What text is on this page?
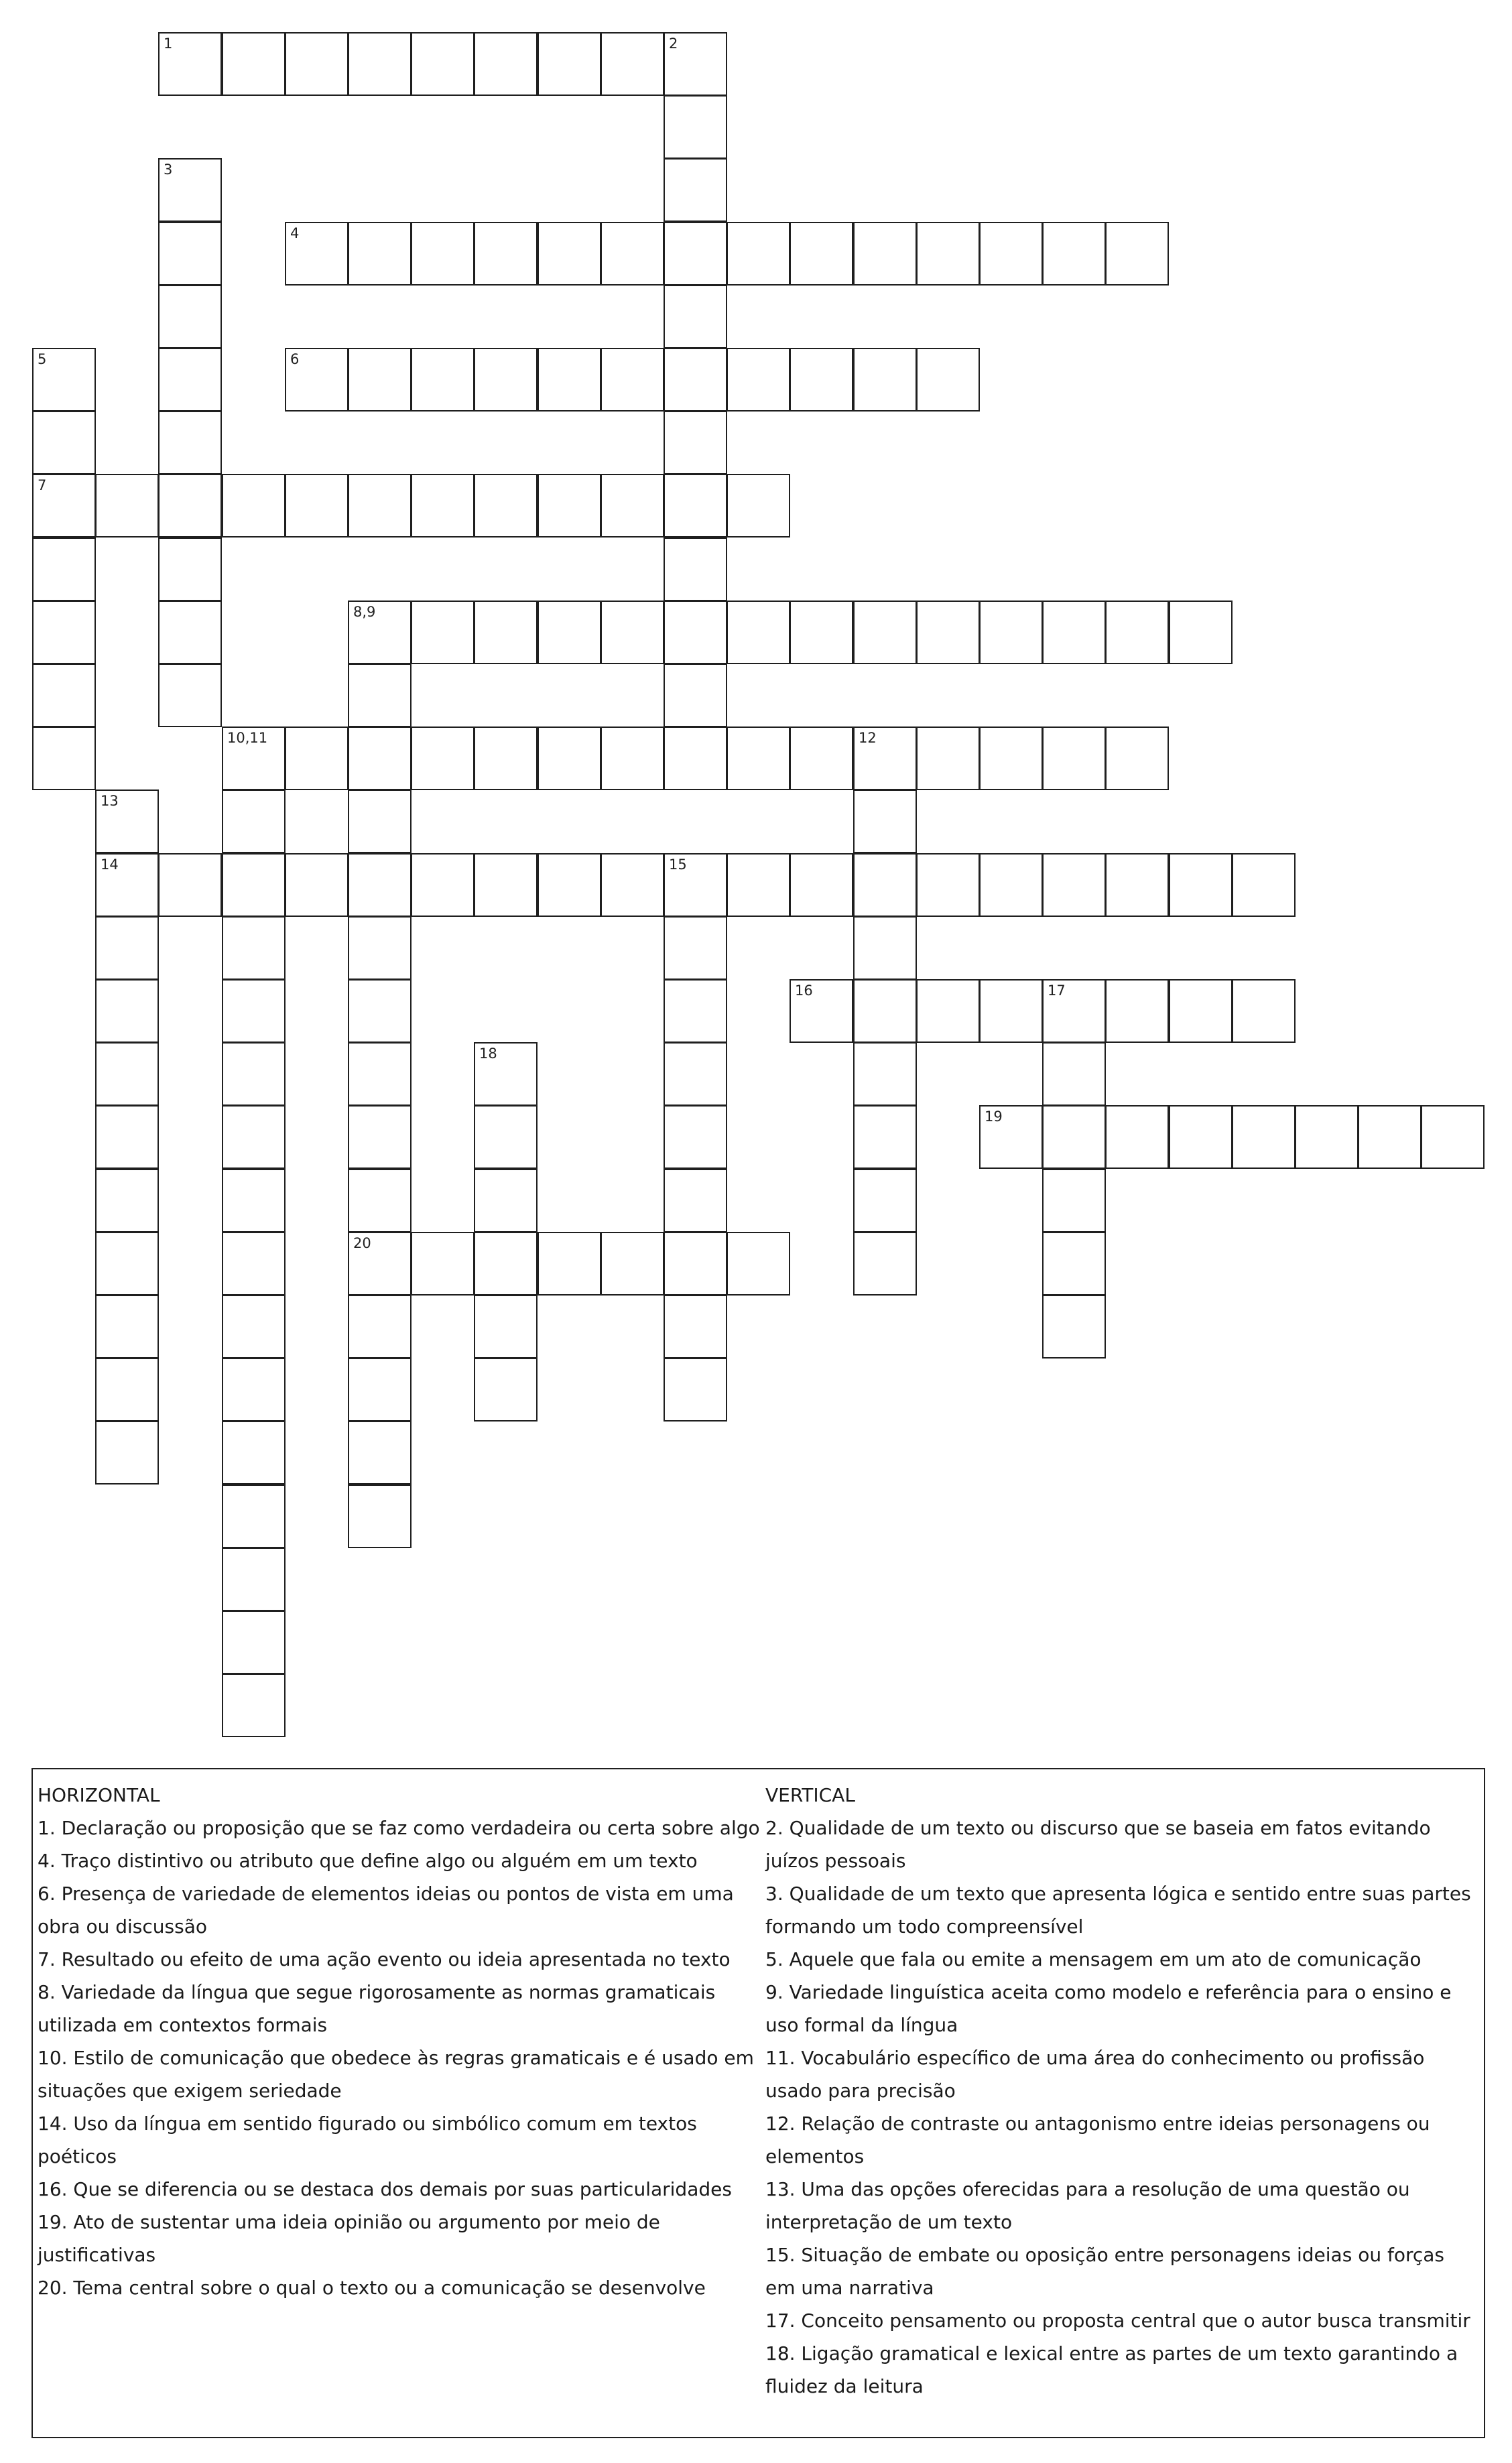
1	2
3
4
5
7
6
8,9
20
10,11	12
13
14	15
16	17
18
19

HORIZONTAL

1. Declaração ou proposição que se faz como verdadeira ou certa sobre algo

4. Traço distintivo ou atributo que define algo ou alguém em um texto

6. Presença de variedade de elementos ideias ou pontos de vista em uma obra ou discussão

7. Resultado ou efeito de uma ação evento ou ideia apresentada no texto

8. Variedade da língua que segue rigorosamente as normas gramaticais utilizada em contextos formais

10. Estilo de comunicação que obedece às regras gramaticais e é usado em situações que exigem seriedade

14. Uso da língua em sentido figurado ou simbólico comum em textos poéticos

16. Que se diferencia ou se destaca dos demais por suas particularidades

19. Ato de sustentar uma ideia opinião ou argumento por meio de justificativas

20. Tema central sobre o qual o texto ou a comunicação se desenvolve

VERTICAL

2. Qualidade de um texto ou discurso que se baseia em fatos evitando juízos pessoais

3. Qualidade de um texto que apresenta lógica e sentido entre suas partes formando um todo compreensível

5. Aquele que fala ou emite a mensagem em um ato de comunicação

9. Variedade linguística aceita como modelo e referência para o ensino e uso formal da língua

11. Vocabulário específico de uma área do conhecimento ou profissão usado para precisão

12. Relação de contraste ou antagonismo entre ideias personagens ou elementos

13. Uma das opções oferecidas para a resolução de uma questão ou interpretação de um texto

15. Situação de embate ou oposição entre personagens ideias ou forças em uma narrativa

17. Conceito pensamento ou proposta central que o autor busca transmitir

18. Ligação gramatical e lexical entre as partes de um texto garantindo a fluidez da leitura
